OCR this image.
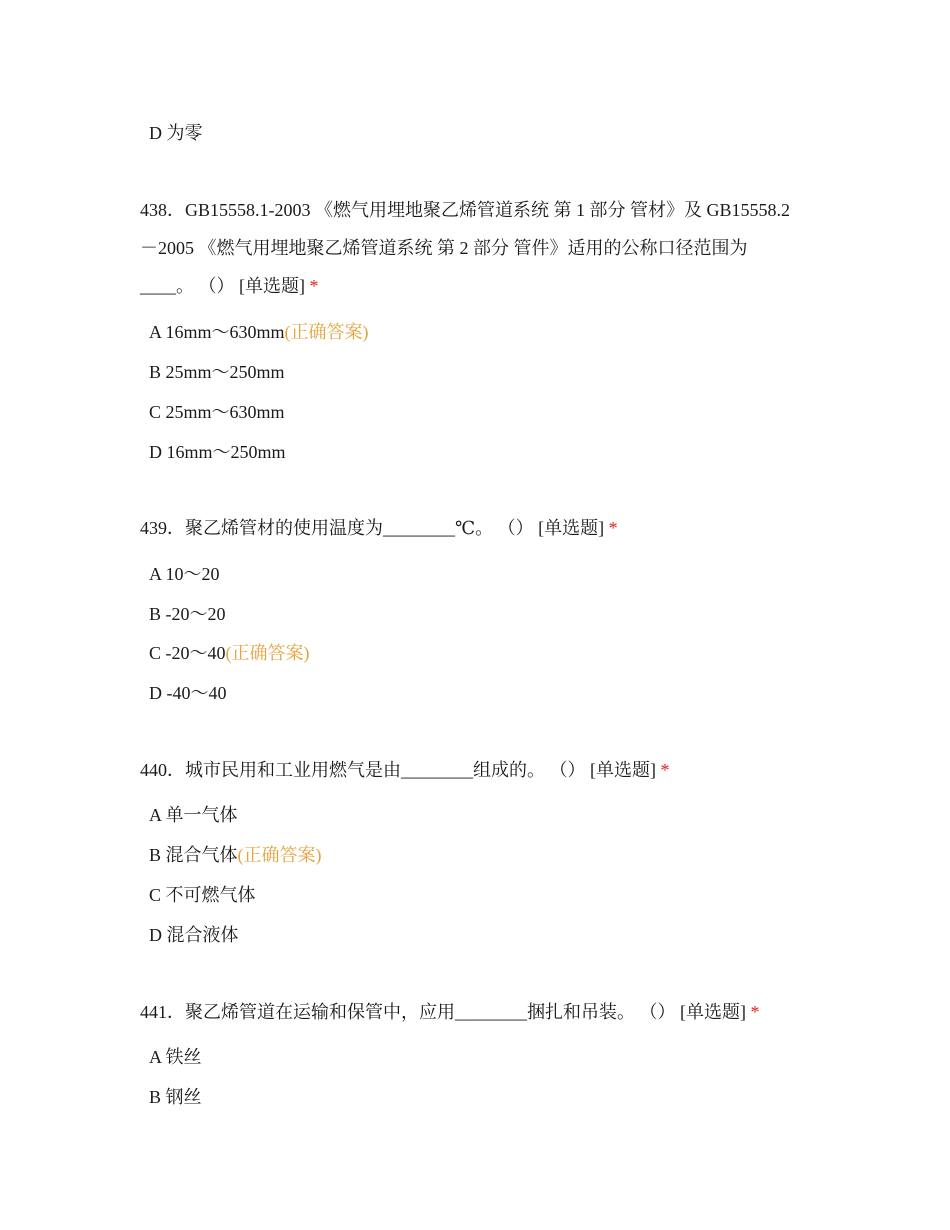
D 为零
438．GB15558.1-2003 《燃气用埋地聚乙烯管道系统 第 1 部分 管材》及 GB15558.2
－2005 《燃气用埋地聚乙烯管道系统 第 2 部分 管件》适用的公称口径范围为
____。 （） [单选题] *
A 16mm～630mm(正确答案)
B 25mm～250mm
C 25mm～630mm
D 16mm～250mm
439．聚乙烯管材的使用温度为________℃。 （） [单选题] *
A 10～20
B -20～20
C -20～40(正确答案)
D -40～40
440．城市民用和工业用燃气是由________组成的。 （） [单选题] *
A 单一气体
B 混合气体(正确答案)
C 不可燃气体
D 混合液体
441．聚乙烯管道在运输和保管中，应用________捆扎和吊装。 （） [单选题] *
A 铁丝
B 钢丝
